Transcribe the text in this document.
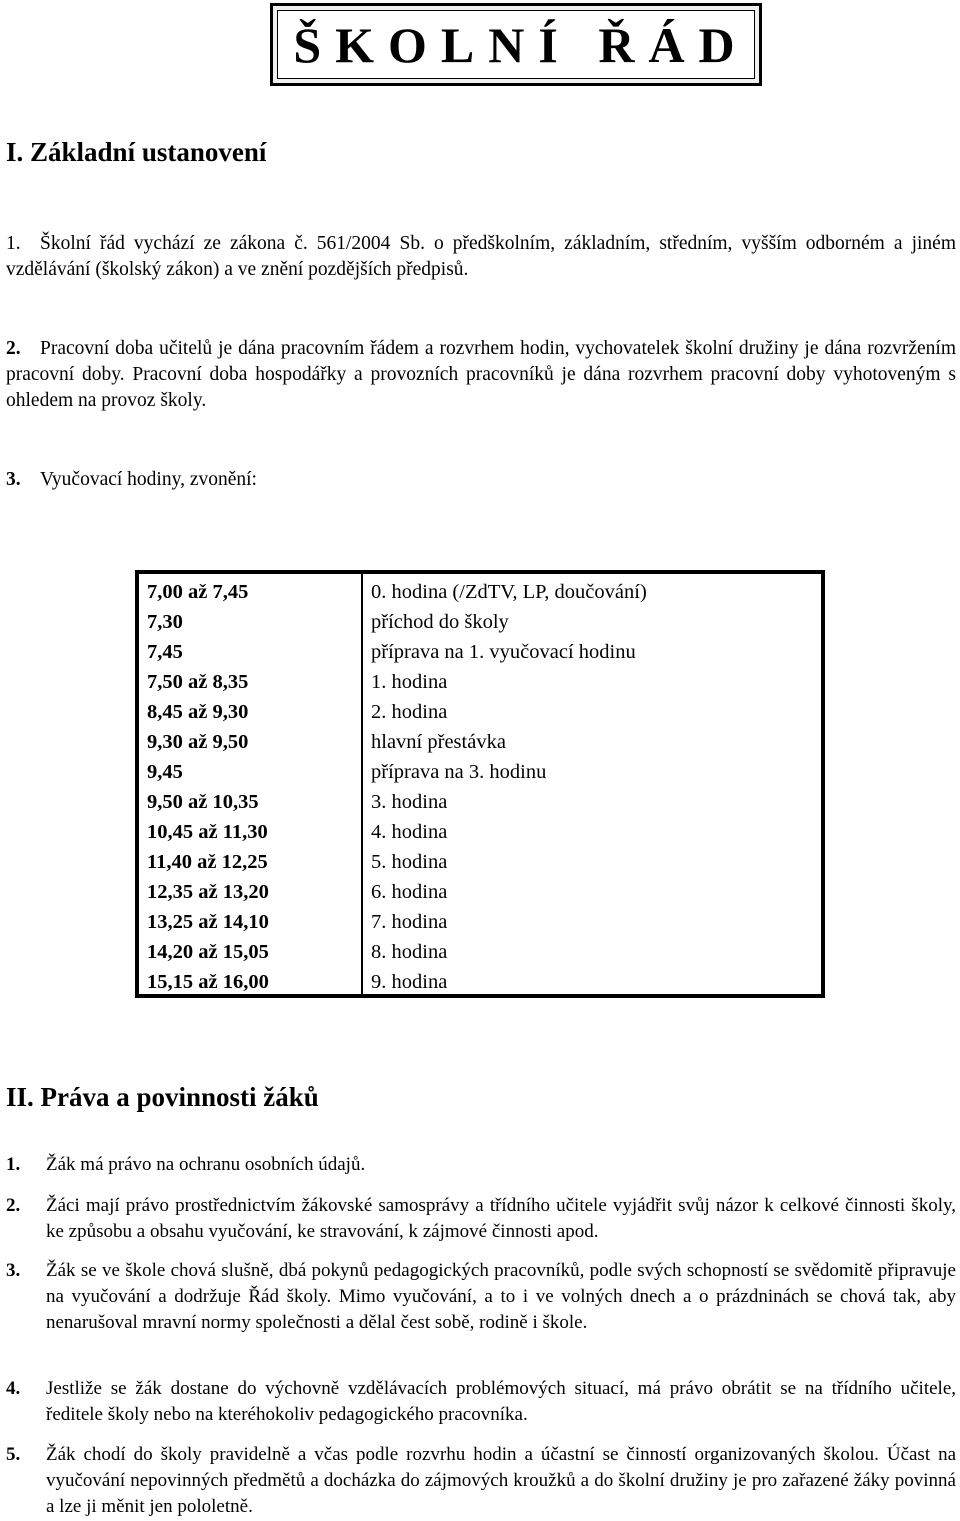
ŠKOLNÍ ŘÁD
I. Základní ustanovení
1. Školní řád vychází ze zákona č. 561/2004 Sb. o předškolním, základním, středním, vyšším odborném a jiném vzdělávání (školský zákon) a ve znění pozdějších předpisů.
2. Pracovní doba učitelů je dána pracovním řádem a rozvrhem hodin, vychovatelek školní družiny je dána rozvržením pracovní doby. Pracovní doba hospodářky a provozních pracovníků je dána rozvrhem pracovní doby vyhotoveným s ohledem na provoz školy.
3. Vyučovací hodiny, zvonění:
7,00 až 7,45	0. hodina (/ZdTV, LP, doučování)
7,30	příchod do školy
7,45	příprava na 1. vyučovací hodinu
7,50 až 8,35	1. hodina
8,45 až 9,30	2. hodina
9,30 až 9,50	hlavní přestávka
9,45	příprava na 3. hodinu
9,50 až 10,35	3. hodina
10,45 až 11,30	4. hodina
11,40 až 12,25	5. hodina
12,35 až 13,20	6. hodina
13,25 až 14,10	7. hodina
14,20 až 15,05	8. hodina
15,15 až 16,00	9. hodina
II. Práva a povinnosti žáků
1. Žák má právo na ochranu osobních údajů.
2. Žáci mají právo prostřednictvím žákovské samosprávy a třídního učitele vyjádřit svůj názor k celkové činnosti školy, ke způsobu a obsahu vyučování, ke stravování, k zájmové činnosti apod.
3. Žák se ve škole chová slušně, dbá pokynů pedagogických pracovníků, podle svých schopností se svědomitě připravuje na vyučování a dodržuje Řád školy. Mimo vyučování, a to i ve volných dnech a o prázdninách se chová tak, aby nenarušoval mravní normy společnosti a dělal čest sobě, rodině i škole.
4. Jestliže se žák dostane do výchovně vzdělávacích problémových situací, má právo obrátit se na třídního učitele, ředitele školy nebo na kteréhokoliv pedagogického pracovníka.
5. Žák chodí do školy pravidelně a včas podle rozvrhu hodin a účastní se činností organizovaných školou. Účast na vyučování nepovinných předmětů a docházka do zájmových kroužků a do školní družiny je pro zařazené žáky povinná a lze ji měnit jen pololetně.
